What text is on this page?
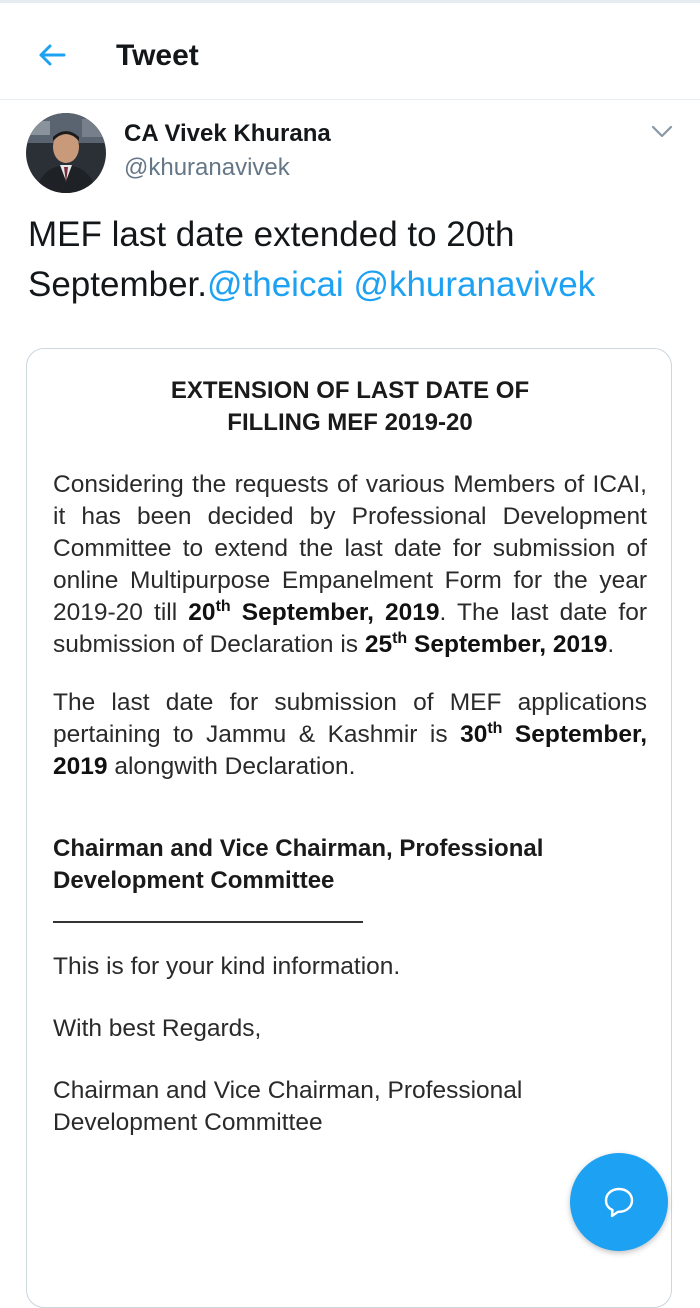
Tweet
CA Vivek Khurana
@khuranavivek
MEF last date extended to 20th
September.@theicai @khuranavivek
EXTENSION OF LAST DATE OF
FILLING MEF 2019-20

Considering the requests of various Members of ICAI, it has been decided by Professional Development Committee to extend the last date for submission of online Multipurpose Empanelment Form for the year 2019-20 till 20th September, 2019. The last date for submission of Declaration is 25th September, 2019.

The last date for submission of MEF applications pertaining to Jammu & Kashmir is 30th September, 2019 alongwith Declaration.

Chairman and Vice Chairman, Professional
Development Committee

This is for your kind information.

With best Regards,

Chairman and Vice Chairman, Professional
Development Committee
